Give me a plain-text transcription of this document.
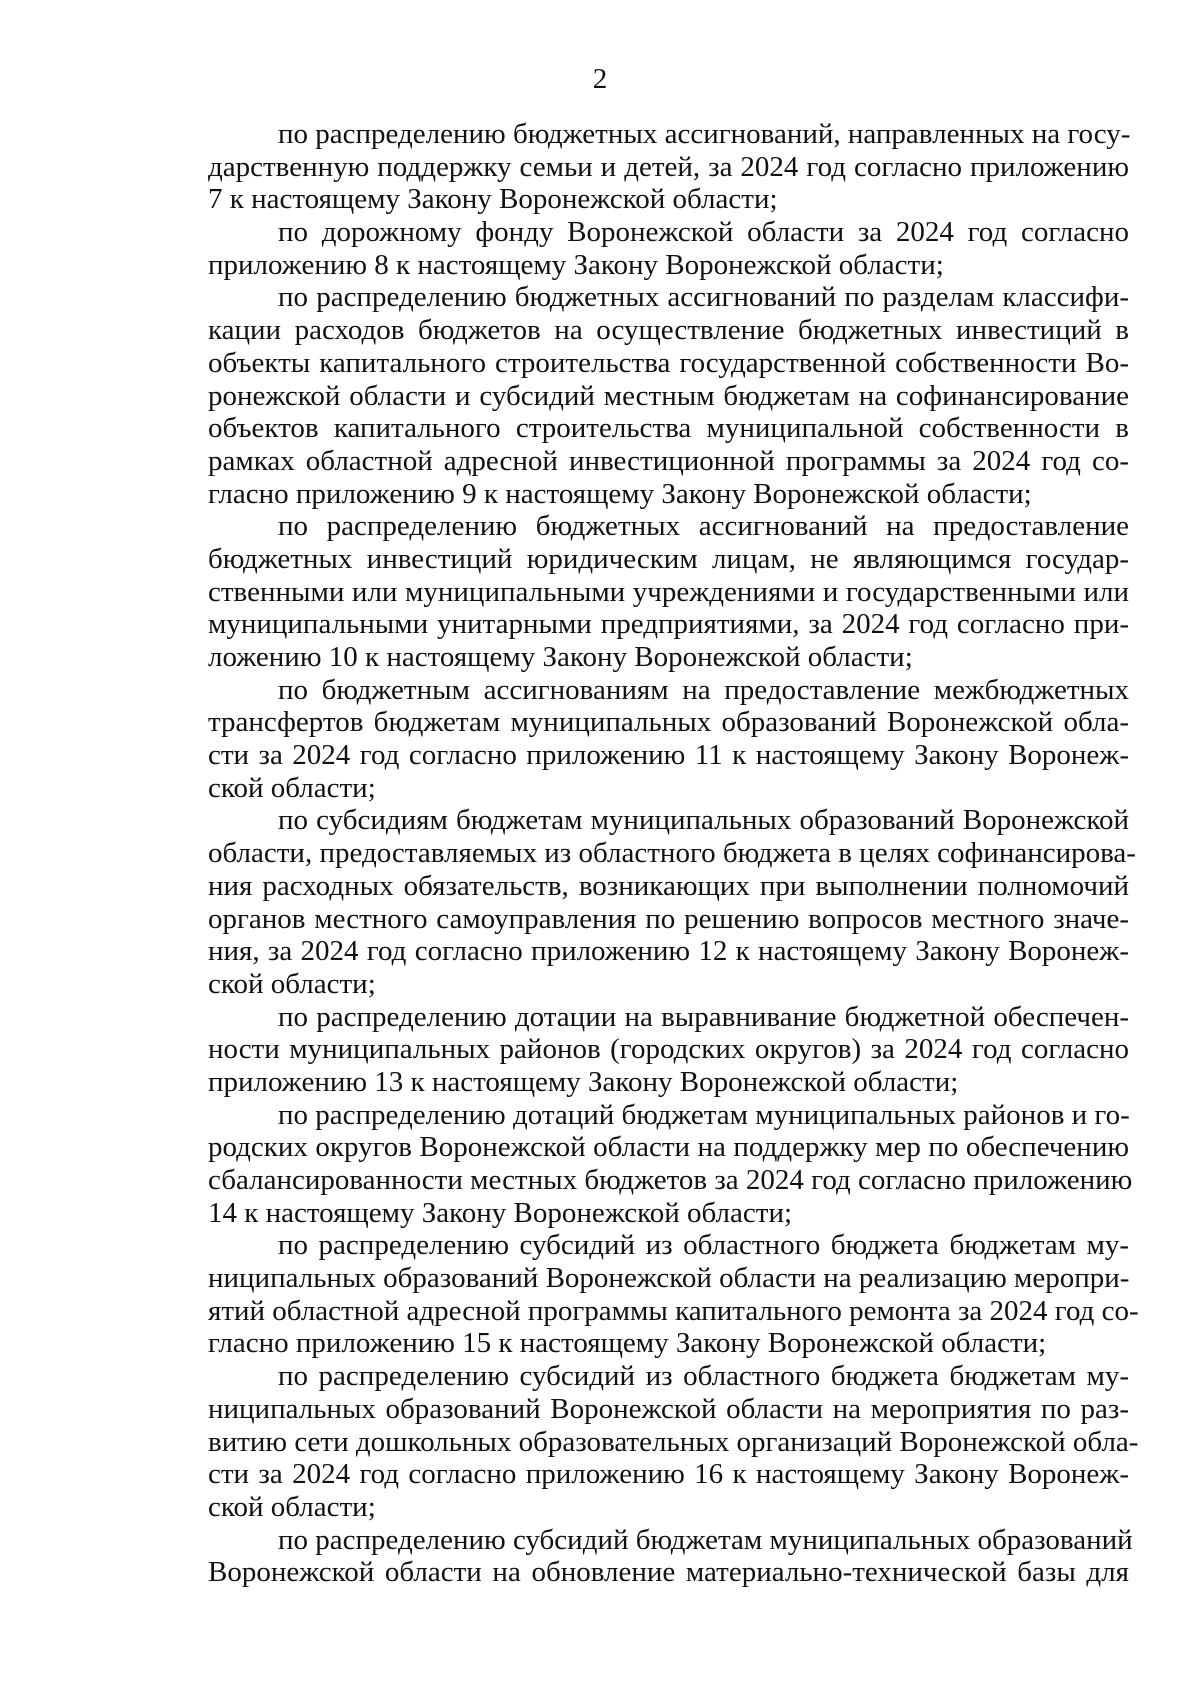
2
по распределению бюджетных ассигнований, направленных на госу-
дарственную поддержку семьи и детей, за 2024 год согласно приложению
7 к настоящему Закону Воронежской области;
по дорожному фонду Воронежской области за 2024 год согласно
приложению 8 к настоящему Закону Воронежской области;
по распределению бюджетных ассигнований по разделам классифи-
кации расходов бюджетов на осуществление бюджетных инвестиций в
объекты капитального строительства государственной собственности Во-
ронежской области и субсидий местным бюджетам на софинансирование
объектов капитального строительства муниципальной собственности в
рамках областной адресной инвестиционной программы за 2024 год со-
гласно приложению 9 к настоящему Закону Воронежской области;
по распределению бюджетных ассигнований на предоставление
бюджетных инвестиций юридическим лицам, не являющимся государ-
ственными или муниципальными учреждениями и государственными или
муниципальными унитарными предприятиями, за 2024 год согласно при-
ложению 10 к настоящему Закону Воронежской области;
по бюджетным ассигнованиям на предоставление межбюджетных
трансфертов бюджетам муниципальных образований Воронежской обла-
сти за 2024 год согласно приложению 11 к настоящему Закону Воронеж-
ской области;
по субсидиям бюджетам муниципальных образований Воронежской
области, предоставляемых из областного бюджета в целях софинансирова-
ния расходных обязательств, возникающих при выполнении полномочий
органов местного самоуправления по решению вопросов местного значе-
ния, за 2024 год согласно приложению 12 к настоящему Закону Воронеж-
ской области;
по распределению дотации на выравнивание бюджетной обеспечен-
ности муниципальных районов (городских округов) за 2024 год согласно
приложению 13 к настоящему Закону Воронежской области;
по распределению дотаций бюджетам муниципальных районов и го-
родских округов Воронежской области на поддержку мер по обеспечению
сбалансированности местных бюджетов за 2024 год согласно приложению
14 к настоящему Закону Воронежской области;
по распределению субсидий из областного бюджета бюджетам му-
ниципальных образований Воронежской области на реализацию меропри-
ятий областной адресной программы капитального ремонта за 2024 год со-
гласно приложению 15 к настоящему Закону Воронежской области;
по распределению субсидий из областного бюджета бюджетам му-
ниципальных образований Воронежской области на мероприятия по раз-
витию сети дошкольных образовательных организаций Воронежской обла-
сти за 2024 год согласно приложению 16 к настоящему Закону Воронеж-
ской области;
по распределению субсидий бюджетам муниципальных образований
Воронежской области на обновление материально-технической базы для
